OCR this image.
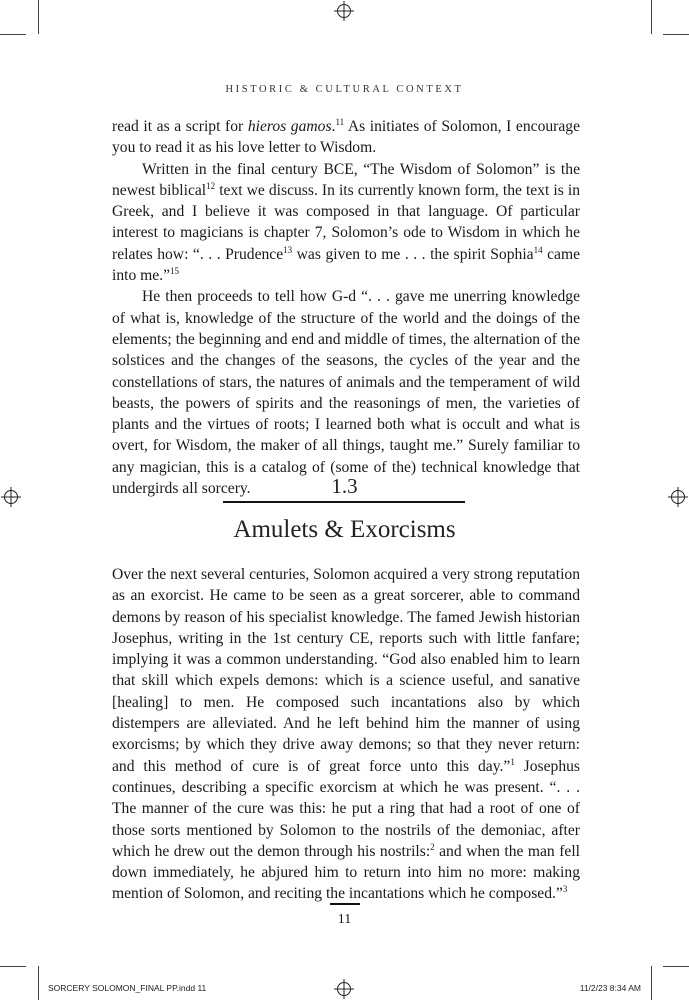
HISTORIC & CULTURAL CONTEXT

read it as a script for hieros gamos.$^{11}$ As initiates of Solomon, I encourage you to read it as his love letter to Wisdom.

Written in the final century BCE, “The Wisdom of Solomon” is the newest biblical$^{12}$ text we discuss. In its currently known form, the text is in Greek, and I believe it was composed in that language. Of particular interest to magicians is chapter 7, Solomon’s ode to Wisdom in which he relates how: “. . . Prudence$^{13}$ was given to me . . . the spirit Sophia$^{14}$ came into me.”$^{15}$

He then proceeds to tell how G-d “. . . gave me unerring knowledge of what is, knowledge of the structure of the world and the doings of the elements; the beginning and end and middle of times, the alternation of the solstices and the changes of the seasons, the cycles of the year and the constellations of stars, the natures of animals and the temperament of wild beasts, the powers of spirits and the reasonings of men, the varieties of plants and the virtues of roots; I learned both what is occult and what is overt, for Wisdom, the maker of all things, taught me.” Surely familiar to any magician, this is a catalog of (some of the) technical knowledge that undergirds all sorcery.	1.3
Amulets & Exorcisms

Over the next several centuries, Solomon acquired a very strong reputation as an exorcist. He came to be seen as a great sorcerer, able to command demons by reason of his specialist knowledge. The famed Jewish historian Josephus, writing in the 1st century CE, reports such with little fanfare; implying it was a common understanding. “God also enabled him to learn that skill which expels demons: which is a science useful, and sanative [healing] to men. He composed such incantations also by which distempers are alleviated. And he left behind him the manner of using exorcisms; by which they drive away demons; so that they never return: and this method of cure is of great force unto this day.”$^1$ Josephus continues, describing a specific exorcism at which he was present. “. . . The manner of the cure was this: he put a ring that had a root of one of those sorts mentioned by Solomon to the nostrils of the demoniac, after which he drew out the demon through his nostrils:$^2$ and when the man fell down immediately, he abjured him to return into him no more: making mention of Solomon, and reciting the incantations which he composed.”$^3$

11
SORCERY SOLOMON_FINAL PP.indd 11	11/2/23 8:34 AM
